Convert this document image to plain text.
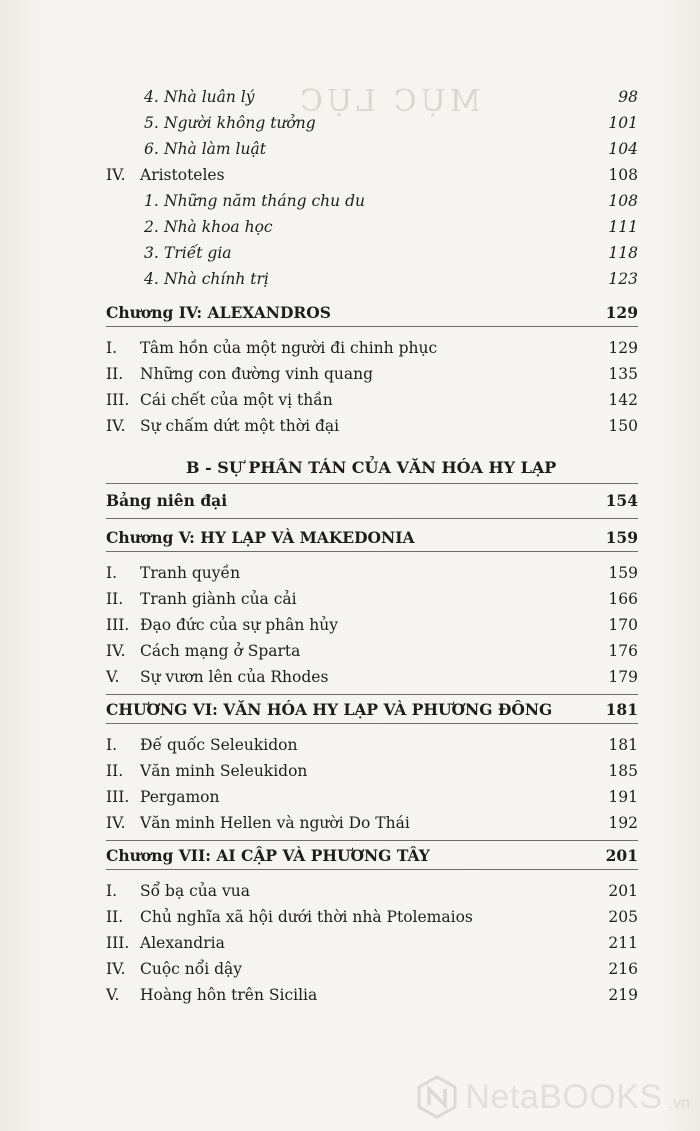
MỤC LỤC
4. Nhà luân lý	98
5. Người không tưởng	101
6. Nhà làm luật	104
IV. Aristoteles	108
1. Những năm tháng chu du	108
2. Nhà khoa học	111
3. Triết gia	118
4. Nhà chính trị	123
Chương IV: ALEXANDROS	129
I.	Tâm hồn của một người đi chinh phục	129
II.	Những con đường vinh quang	135
III. Cái chết của một vị thần	142
IV. Sự chấm dứt một thời đại	150
B - SỰ PHÂN TÁN CỦA VĂN HÓA HY LẠP
Bảng niên đại	154
Chương V: HY LẠP VÀ MAKEDONIA	159
I.	Tranh quyền	159
II.	Tranh giành của cải	166
III. Đạo đức của sự phân hủy	170
IV. Cách mạng ở Sparta	176
V.	Sự vươn lên của Rhodes	179
CHƯƠNG VI: VĂN HÓA HY LẠP VÀ PHƯƠNG ĐÔNG	181
I.	Đế quốc Seleukidon	181
II.	Văn minh Seleukidon	185
III. Pergamon	191
IV. Văn minh Hellen và người Do Thái	192
Chương VII: AI CẬP VÀ PHƯƠNG TÂY	201
I.	Sổ bạ của vua	201
II.	Chủ nghĩa xã hội dưới thời nhà Ptolemaios	205
III. Alexandria	211
IV. Cuộc nổi dậy	216
V.	Hoàng hôn trên Sicilia	219
NetaBOOKS .vn
